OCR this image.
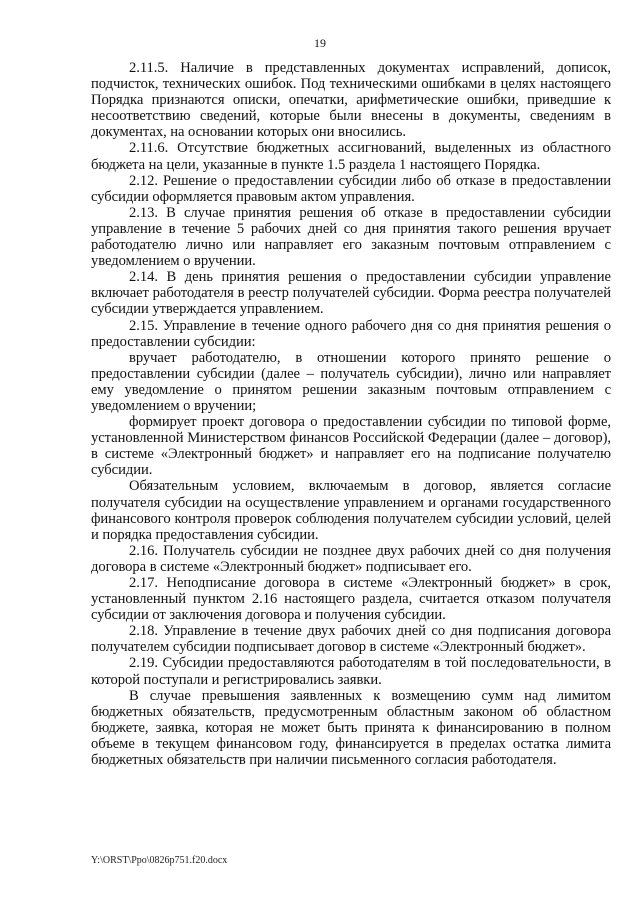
19

2.11.5. Наличие в представленных документах исправлений, дописок, подчисток, технических ошибок. Под техническими ошибками в целях настоящего Порядка признаются описки, опечатки, арифметические ошибки, приведшие к несоответствию сведений, которые были внесены в документы, сведениям в документах, на основании которых они вносились.

2.11.6. Отсутствие бюджетных ассигнований, выделенных из областного бюджета на цели, указанные в пункте 1.5 раздела 1 настоящего Порядка.

2.12. Решение о предоставлении субсидии либо об отказе в предоставлении субсидии оформляется правовым актом управления.

2.13. В случае принятия решения об отказе в предоставлении субсидии управление в течение 5 рабочих дней со дня принятия такого решения вручает работодателю лично или направляет его заказным почтовым отправлением с уведомлением о вручении.

2.14. В день принятия решения о предоставлении субсидии управление включает работодателя в реестр получателей субсидии. Форма реестра получателей субсидии утверждается управлением.

2.15. Управление в течение одного рабочего дня со дня принятия решения о предоставлении субсидии:

вручает работодателю, в отношении которого принято решение о предоставлении субсидии (далее – получатель субсидии), лично или направляет ему уведомление о принятом решении заказным почтовым отправлением с уведомлением о вручении;

формирует проект договора о предоставлении субсидии по типовой форме, установленной Министерством финансов Российской Федерации (далее – договор), в системе «Электронный бюджет» и направляет его на подписание получателю субсидии.

Обязательным условием, включаемым в договор, является согласие получателя субсидии на осуществление управлением и органами государственного финансового контроля проверок соблюдения получателем субсидии условий, целей и порядка предоставления субсидии.

2.16. Получатель субсидии не позднее двух рабочих дней со дня получения договора в системе «Электронный бюджет» подписывает его.

2.17. Неподписание договора в системе «Электронный бюджет» в срок, установленный пунктом 2.16 настоящего раздела, считается отказом получателя субсидии от заключения договора и получения субсидии.

2.18. Управление в течение двух рабочих дней со дня подписания договора получателем субсидии подписывает договор в системе «Электронный бюджет».

2.19. Субсидии предоставляются работодателям в той последовательности, в которой поступали и регистрировались заявки.

В случае превышения заявленных к возмещению сумм над лимитом бюджетных обязательств, предусмотренным областным законом об областном бюджете, заявка, которая не может быть принята к финансированию в полном объеме в текущем финансовом году, финансируется в пределах остатка лимита бюджетных обязательств при наличии письменного согласия работодателя.

Y:\ORST\Ppo\0826p751.f20.docx
